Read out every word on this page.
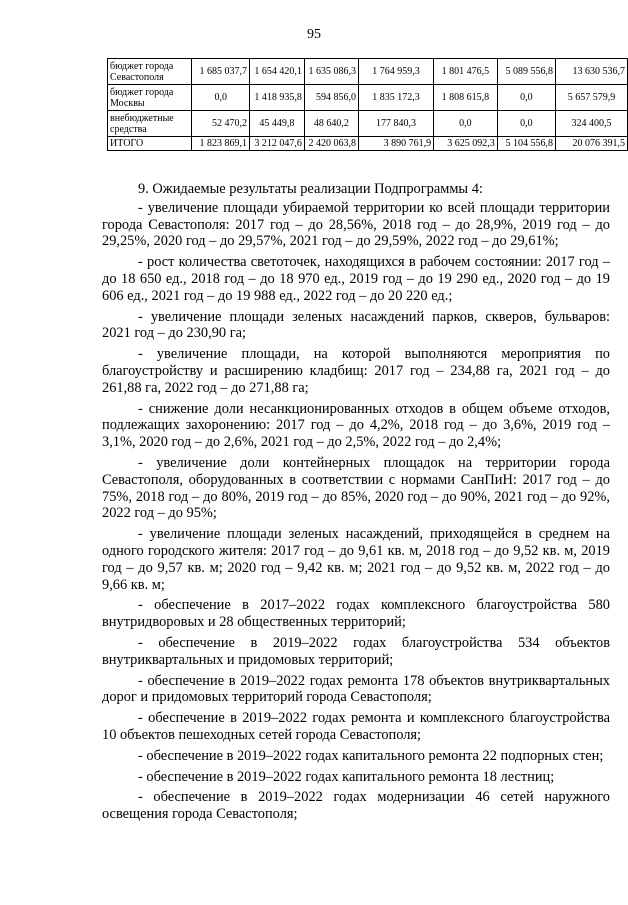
95
бюджет города Севастополя	1 685 037,7	1 654 420,1	1 635 086,3	1 764 959,3	1 801 476,5	5 089 556,8	13 630 536,7
бюджет города Москвы	0,0	1 418 935,8	594 856,0	1 835 172,3	1 808 615,8	0,0	5 657 579,9
внебюджетные средства	52 470,2	45 449,8	48 640,2	177 840,3	0,0	0,0	324 400,5
ИТОГО	1 823 869,1	3 212 047,6	2 420 063,8	3 890 761,9	3 625 092,3	5 104 556,8	20 076 391,5

9. Ожидаемые результаты реализации Подпрограммы 4:

- увеличение площади убираемой территории ко всей площади территории города Севастополя: 2017 год – до 28,56%, 2018 год – до 28,9%, 2019 год – до 29,25%, 2020 год – до 29,57%, 2021 год – до 29,59%, 2022 год – до 29,61%;

- рост количества светоточек, находящихся в рабочем состоянии: 2017 год – до 18 650 ед., 2018 год – до 18 970 ед., 2019 год – до 19 290 ед., 2020 год – до 19 606 ед., 2021 год – до 19 988 ед., 2022 год – до 20 220 ед.;

- увеличение площади зеленых насаждений парков, скверов, бульваров: 2021 год – до 230,90 га;

- увеличение площади, на которой выполняются мероприятия по благоустройству и расширению кладбищ: 2017 год – 234,88 га, 2021 год – до 261,88 га, 2022 год – до 271,88 га;

- снижение доли несанкционированных отходов в общем объеме отходов, подлежащих захоронению: 2017 год – до 4,2%, 2018 год – до 3,6%, 2019 год – 3,1%, 2020 год – до 2,6%, 2021 год – до 2,5%, 2022 год – до 2,4%;

- увеличение доли контейнерных площадок на территории города Севастополя, оборудованных в соответствии с нормами СанПиН: 2017 год – до 75%, 2018 год – до 80%, 2019 год – до 85%, 2020 год – до 90%, 2021 год – до 92%, 2022 год – до 95%;

- увеличение площади зеленых насаждений, приходящейся в среднем на одного городского жителя: 2017 год – до 9,61 кв. м, 2018 год – до 9,52 кв. м, 2019 год – до 9,57 кв. м; 2020 год – 9,42 кв. м; 2021 год – до 9,52 кв. м, 2022 год – до 9,66 кв. м;

- обеспечение в 2017–2022 годах комплексного благоустройства 580 внутридворовых и 28 общественных территорий;

- обеспечение в 2019–2022 годах благоустройства 534 объектов внутриквартальных и придомовых территорий;

- обеспечение в 2019–2022 годах ремонта 178 объектов внутриквартальных дорог и придомовых территорий города Севастополя;

- обеспечение в 2019–2022 годах ремонта и комплексного благоустройства 10 объектов пешеходных сетей города Севастополя;

- обеспечение в 2019–2022 годах капитального ремонта 22 подпорных стен;

- обеспечение в 2019–2022 годах капитального ремонта 18 лестниц;

- обеспечение в 2019–2022 годах модернизации 46 сетей наружного освещения города Севастополя;
